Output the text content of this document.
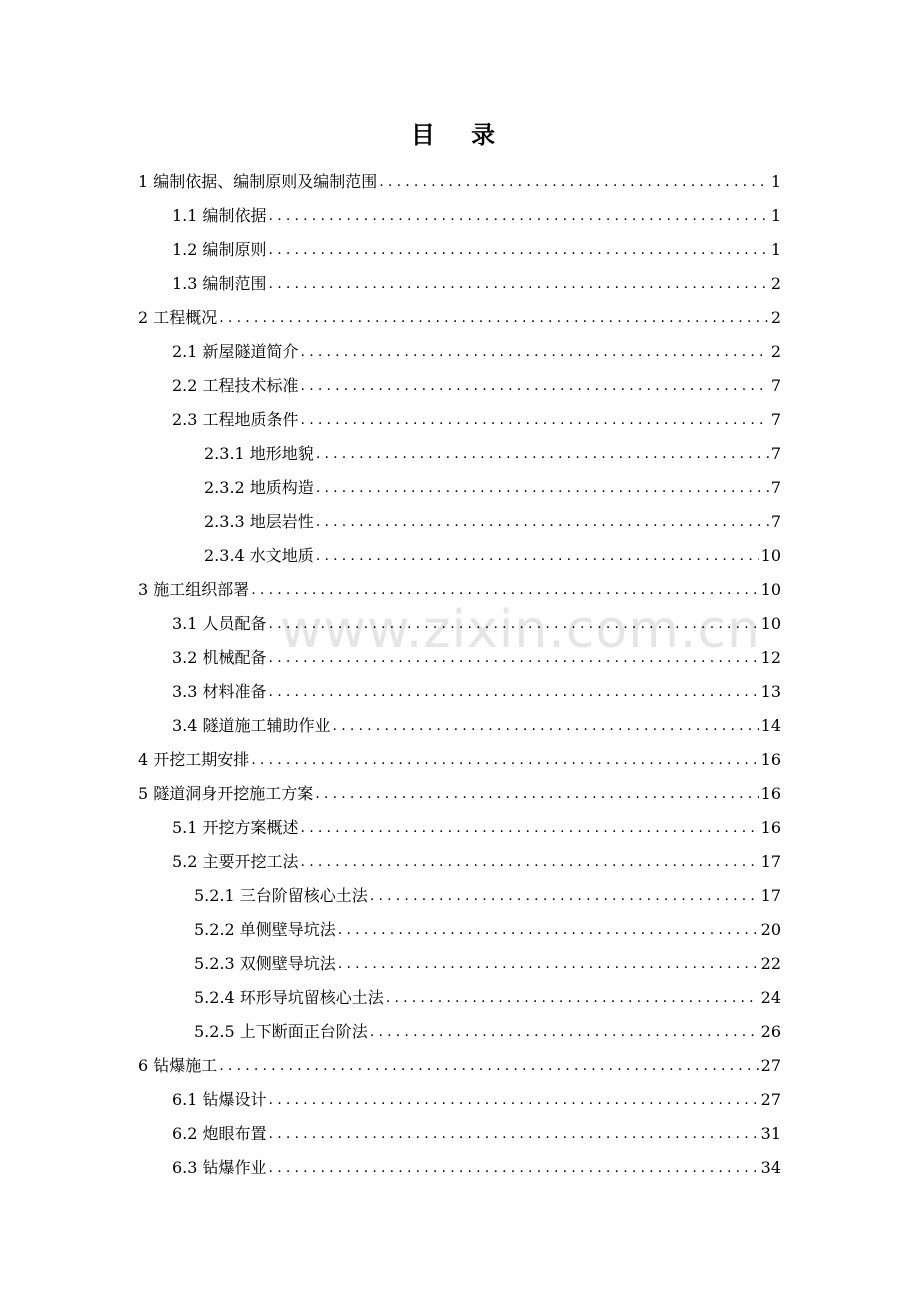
目 录
www.zixin.com.cn
1 编制依据、编制原则及编制范围 .....	1
1.1 编制依据 .....	1
1.2 编制原则 .....	1
1.3 编制范围 .....	2
2 工程概况 .....	2
2.1 新屋隧道简介 .....	2
2.2 工程技术标准 .....	7
2.3 工程地质条件 .....	7
2.3.1 地形地貌 .....	7
2.3.2 地质构造 .....	7
2.3.3 地层岩性 .....	7
2.3.4 水文地质 .....	10
3 施工组织部署 .....	10
3.1 人员配备 .....	10
3.2 机械配备 .....	12
3.3 材料准备 .....	13
3.4 隧道施工辅助作业 .....	14
4 开挖工期安排 .....	16
5 隧道洞身开挖施工方案 .....	16
5.1 开挖方案概述 .....	16
5.2 主要开挖工法 .....	17
5.2.1 三台阶留核心土法 .....	17
5.2.2 单侧壁导坑法 .....	20
5.2.3 双侧壁导坑法 .....	22
5.2.4 环形导坑留核心土法 .....	24
5.2.5 上下断面正台阶法 .....	26
6 钻爆施工 .....	27
6.1 钻爆设计 .....	27
6.2 炮眼布置 .....	31
6.3 钻爆作业 .....	34
